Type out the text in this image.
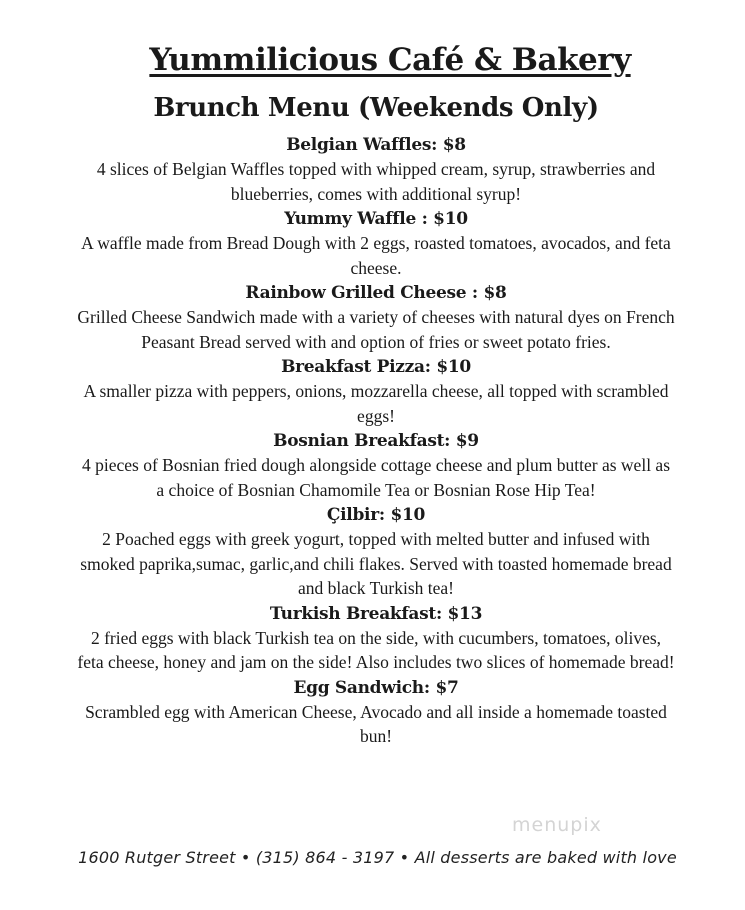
Yummilicious Café & Bakery
Brunch Menu (Weekends Only)
Belgian Waffles: $8
4 slices of Belgian Waffles topped with whipped cream, syrup, strawberries and blueberries, comes with additional syrup!
Yummy Waffle : $10
A waffle made from Bread Dough with 2 eggs, roasted tomatoes, avocados, and feta cheese.
Rainbow Grilled Cheese : $8
Grilled Cheese Sandwich made with a variety of cheeses with natural dyes on French Peasant Bread served with and option of fries or sweet potato fries.
Breakfast Pizza: $10
A smaller pizza with peppers, onions, mozzarella cheese, all topped with scrambled eggs!
Bosnian Breakfast: $9
4 pieces of Bosnian fried dough alongside cottage cheese and plum butter as well as a choice of Bosnian Chamomile Tea or Bosnian Rose Hip Tea!
Çilbir: $10
2 Poached eggs with greek yogurt, topped with melted butter and infused with smoked paprika,sumac, garlic,and chili flakes. Served with toasted homemade bread and black Turkish tea!
Turkish Breakfast: $13
2 fried eggs with black Turkish tea on the side, with cucumbers, tomatoes, olives, feta cheese, honey and jam on the side! Also includes two slices of homemade bread!
Egg Sandwich: $7
Scrambled egg with American Cheese, Avocado and all inside a homemade toasted bun!
menupix
1600 Rutger Street • (315) 864 - 3197 • All desserts are baked with love
